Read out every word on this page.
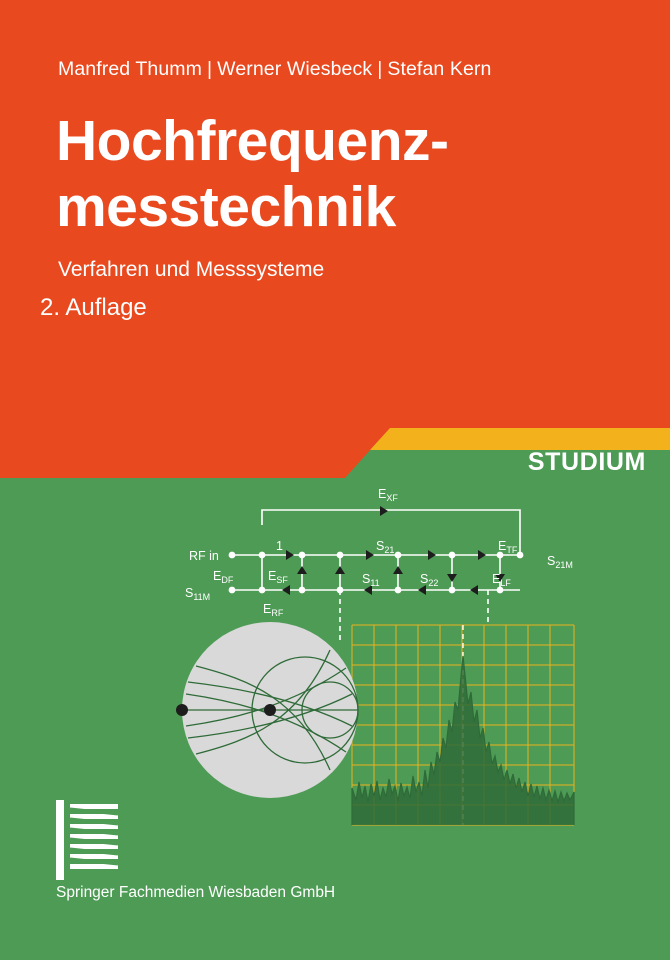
Manfred Thumm | Werner Wiesbeck | Stefan Kern
Hochfrequenz-
messtechnik
Verfahren und Messsysteme
2. Auflage
STUDIUM
RF in	$S_{21M}$
$S_{11M}$
$E_{XF}$
$E_{DF}$	$E_{SF}$
$E_{RF}$
$E_{TF}$
$E_{LF}$
$S_{21}$
$S_{11}$	$S_{22}$
1
Springer Fachmedien Wiesbaden GmbH
